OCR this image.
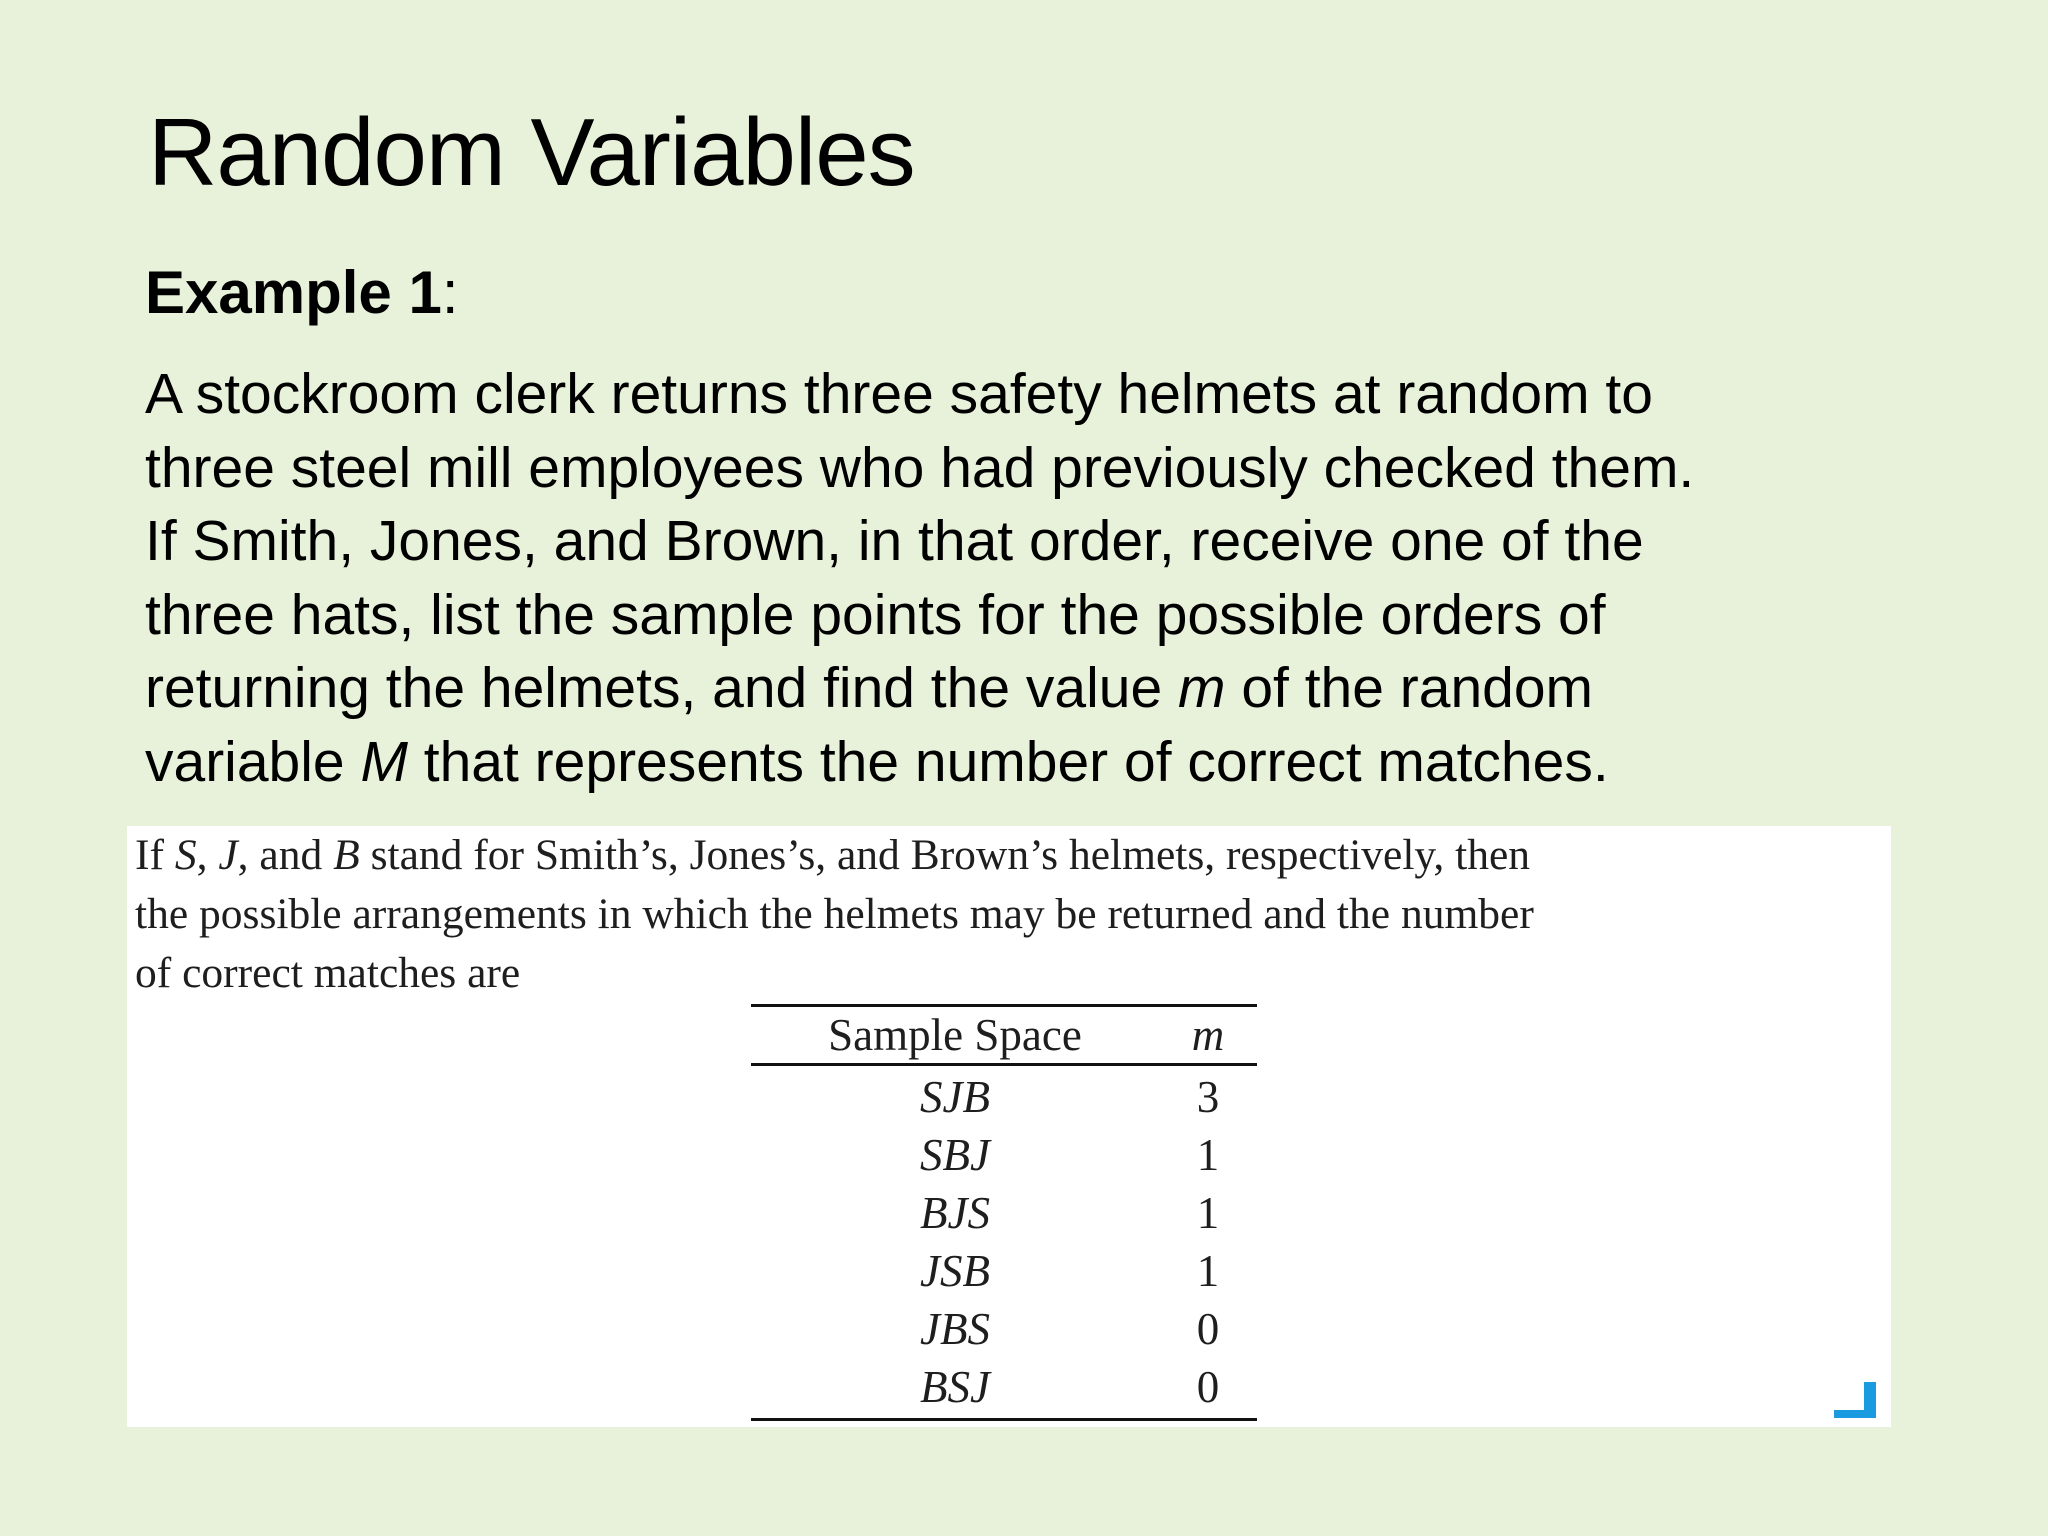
Random Variables
Example 1:

A stockroom clerk returns three safety helmets at random to

three steel mill employees who had previously checked them.

If Smith, Jones, and Brown, in that order, receive one of the

three hats, list the sample points for the possible orders of

returning the helmets, and find the value m of the random

variable M that represents the number of correct matches.

If S, J, and B stand for Smith’s, Jones’s, and Brown’s helmets, respectively, then

the possible arrangements in which the helmets may be returned and the number

of correct matches are

Sample Space	m
SJB	3
SBJ	1
BJS	1
JSB	1
JBS	0
BSJ	0
